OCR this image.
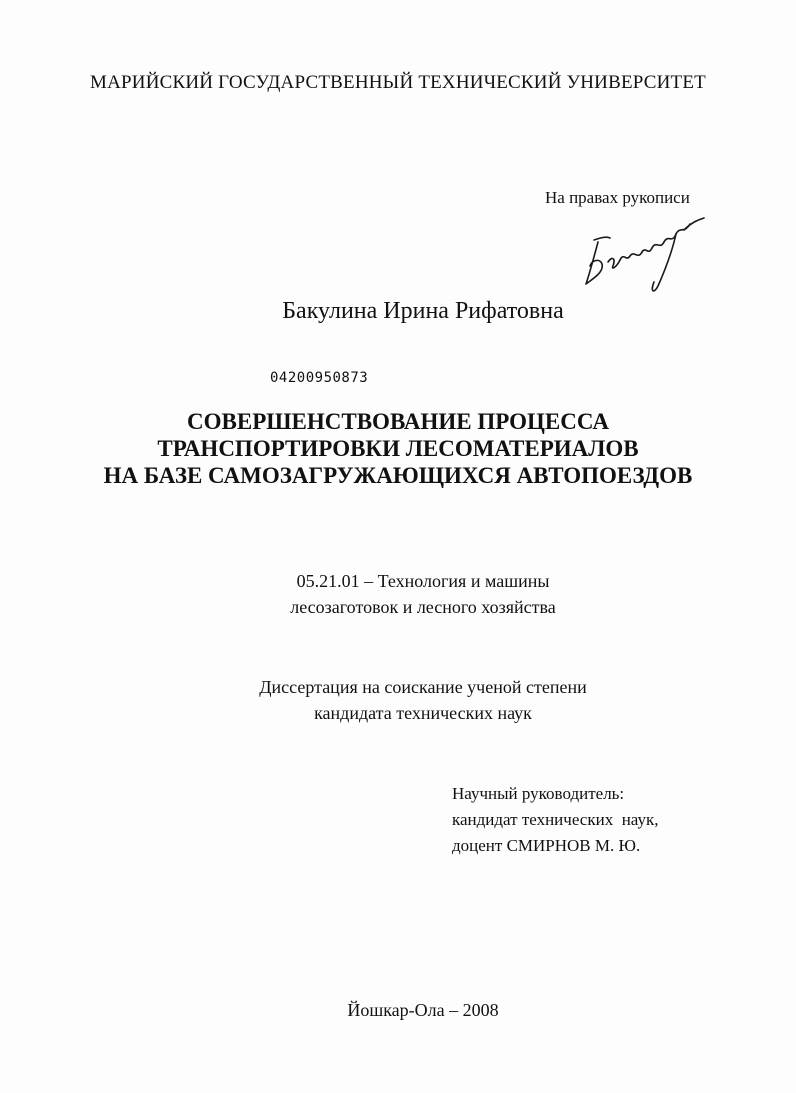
МАРИЙСКИЙ ГОСУДАРСТВЕННЫЙ ТЕХНИЧЕСКИЙ УНИВЕРСИТЕТ
На правах рукописи
Бакулина Ирина Рифатовна
04200950873
СОВЕРШЕНСТВОВАНИЕ ПРОЦЕССА
ТРАНСПОРТИРОВКИ ЛЕСОМАТЕРИАЛОВ
НА БАЗЕ САМОЗАГРУЖАЮЩИХСЯ АВТОПОЕЗДОВ
05.21.01 – Технология и машины
лесозаготовок и лесного хозяйства
Диссертация на соискание ученой степени
кандидата технических наук
Научный руководитель:
кандидат технических  наук,
доцент СМИРНОВ М. Ю.
Йошкар-Ола – 2008
